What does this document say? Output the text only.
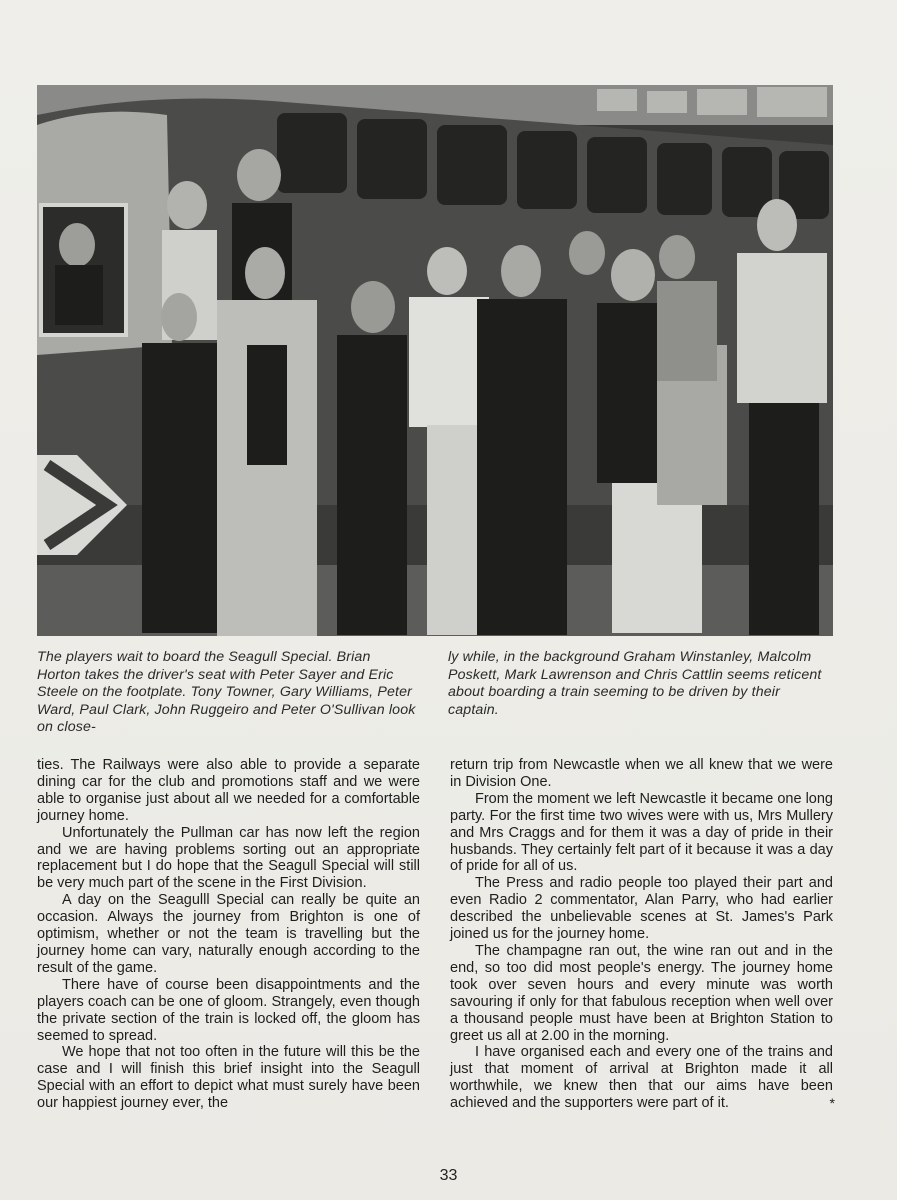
The players wait to board the Seagull Special. Brian Horton takes the driver's seat with Peter Sayer and Eric Steele on the footplate. Tony Towner, Gary Williams, Peter Ward, Paul Clark, John Ruggeiro and Peter O'Sullivan look on close-

ly while, in the background Graham Winstanley, Malcolm Poskett, Mark Lawrenson and Chris Cattlin seems reticent about boarding a train seeming to be driven by their captain.

ties. The Railways were also able to provide a separate dining car for the club and promotions staff and we were able to organise just about all we needed for a comfortable journey home.

Unfortunately the Pullman car has now left the region and we are having problems sorting out an appropriate replacement but I do hope that the Seagull Special will still be very much part of the scene in the First Division.

A day on the Seagulll Special can really be quite an occasion. Always the journey from Brighton is one of optimism, whether or not the team is travelling but the journey home can vary, naturally enough according to the result of the game.

There have of course been disappointments and the players coach can be one of gloom. Strangely, even though the private section of the train is locked off, the gloom has seemed to spread.

We hope that not too often in the future will this be the case and I will finish this brief insight into the Seagull Special with an effort to depict what must surely have been our happiest journey ever, the

return trip from Newcastle when we all knew that we were in Division One.

From the moment we left Newcastle it became one long party. For the first time two wives were with us, Mrs Mullery and Mrs Craggs and for them it was a day of pride in their husbands. They certainly felt part of it because it was a day of pride for all of us.

The Press and radio people too played their part and even Radio 2 commentator, Alan Parry, who had earlier described the unbelievable scenes at St. James's Park joined us for the journey home.

The champagne ran out, the wine ran out and in the end, so too did most people's energy. The journey home took over seven hours and every minute was worth savouring if only for that fabulous reception when well over a thousand people must have been at Brighton Station to greet us all at 2.00 in the morning.

I have organised each and every one of the trains and just that moment of arrival at Brighton made it all worthwhile, we knew then that our aims have been achieved and the supporters were part of it.	*
33
